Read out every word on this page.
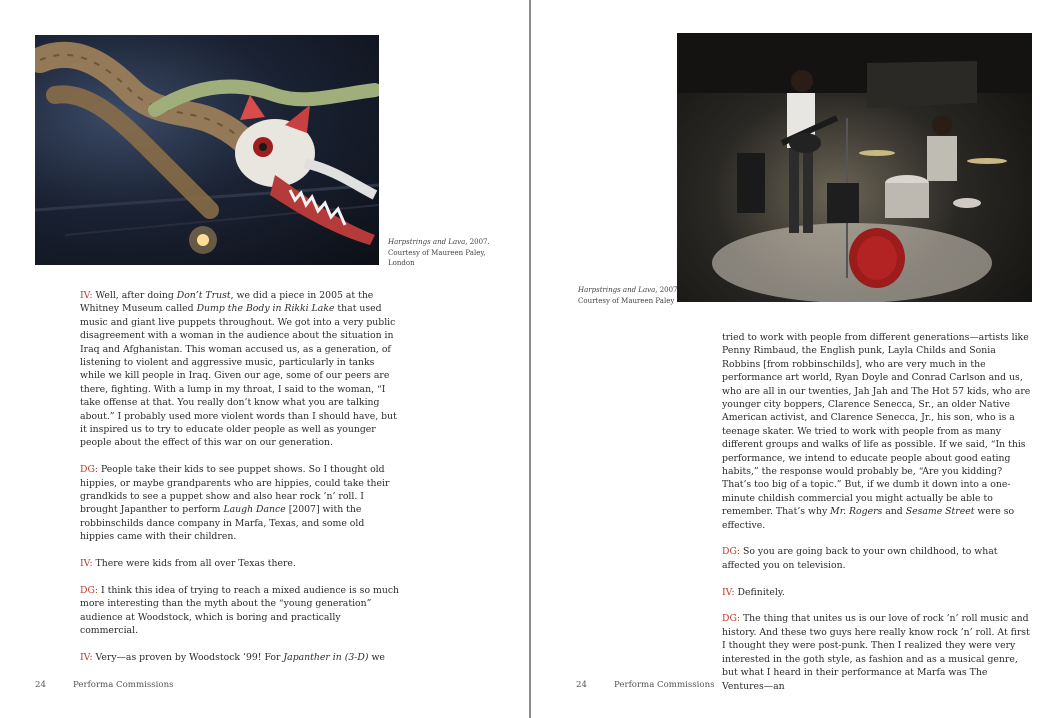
Harpstrings and Lava, 2007.
Courtesy of Maureen Paley,
London

IV: Well, after doing Don’t Trust, we did a piece in 2005 at the Whitney Museum called Dump the Body in Rikki Lake that used music and giant live puppets throughout. We got into a very public disagreement with a woman in the audience about the situation in Iraq and Afghanistan. This woman accused us, as a generation, of listening to violent and aggressive music, particularly in tanks while we kill people in Iraq. Given our age, some of our peers are there, fighting. With a lump in my throat, I said to the woman, “I take offense at that. You really don’t know what you are talking about.” I probably used more violent words than I should have, but it inspired us to try to educate older people as well as younger people about the effect of this war on our generation.

DG: People take their kids to see puppet shows. So I thought old hippies, or maybe grandparents who are hippies, could take their grandkids to see a puppet show and also hear rock ’n’ roll. I brought Japanther to perform Laugh Dance [2007] with the robbinschilds dance company in Marfa, Texas, and some old hippies came with their children.

IV: There were kids from all over Texas there.

DG: I think this idea of trying to reach a mixed audience is so much more interesting than the myth about the “young generation” audience at Woodstock, which is boring and practically commercial.

IV: Very—as proven by Woodstock ’99! For Japanther in (3-D) we

24	Performa Commissions
Harpstrings and Lava, 2007
Courtesy of Maureen Paley

tried to work with people from different generations—artists like Penny Rimbaud, the English punk, Layla Childs and Sonia Robbins [from robbinschilds], who are very much in the performance art world, Ryan Doyle and Conrad Carlson and us, who are all in our twenties, Jah Jah and The Hot 57 kids, who are younger city boppers, Clarence Senecca, Sr., an older Native American activist, and Clarence Senecca, Jr., his son, who is a teenage skater. We tried to work with people from as many different groups and walks of life as possible. If we said, “In this performance, we intend to educate people about good eating habits,” the response would probably be, “Are you kidding? That’s too big of a topic.” But, if we dumb it down into a one-minute childish commercial you might actually be able to remember. That’s why Mr. Rogers and Sesame Street were so effective.

DG: So you are going back to your own childhood, to what affected you on television.

IV: Definitely.

DG: The thing that unites us is our love of rock ’n’ roll music and history. And these two guys here really know rock ’n’ roll. At first I thought they were post-punk. Then I realized they were very interested in the goth style, as fashion and as a musical genre, but what I heard in their performance at Marfa was The Ventures—an

24	Performa Commissions
